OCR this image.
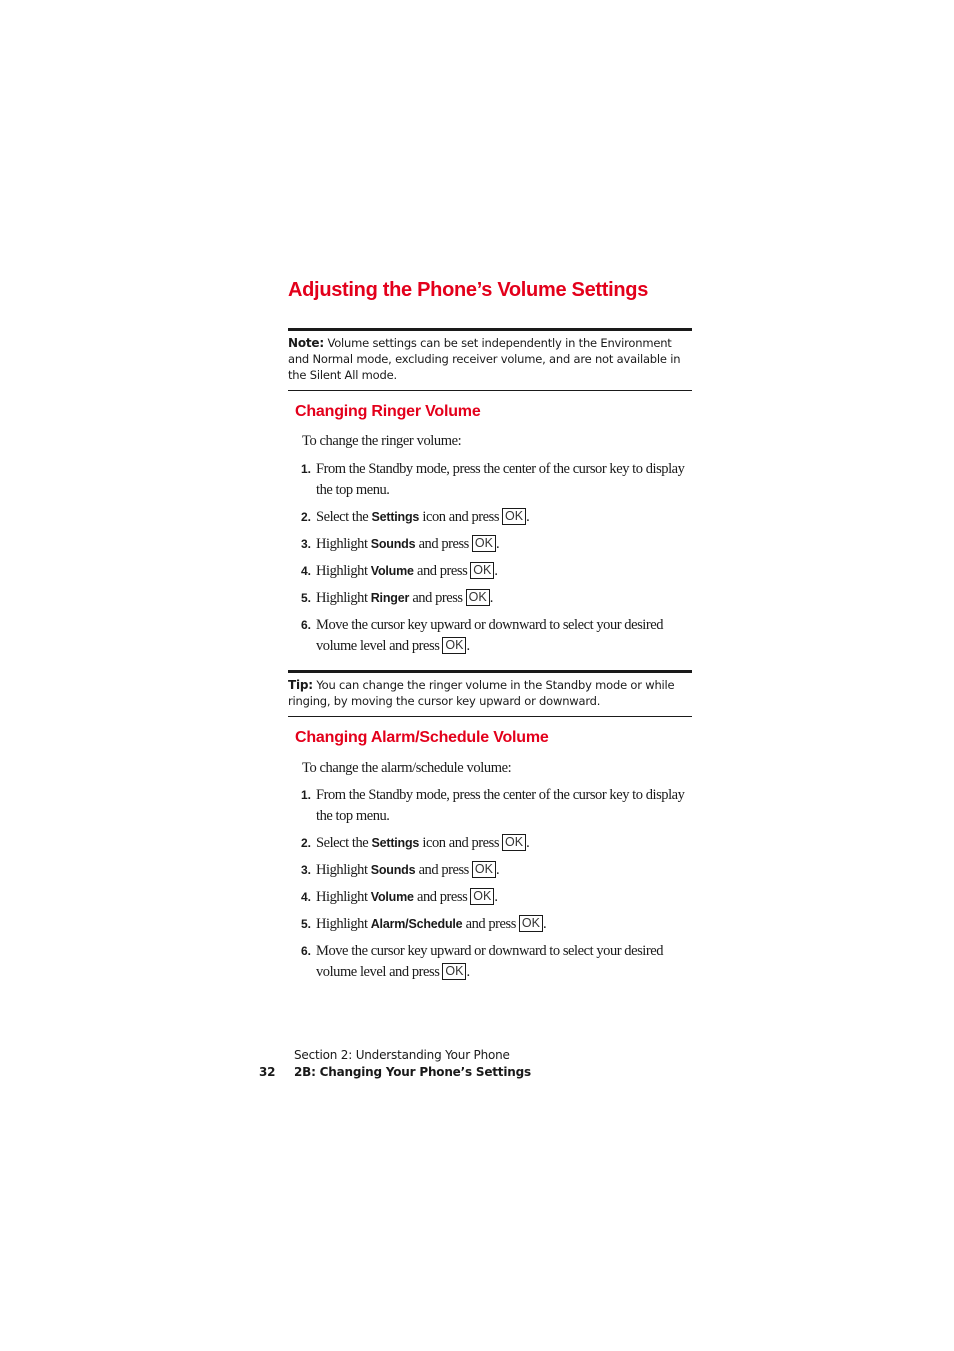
Adjusting the Phone’s Volume Settings
Note: Volume settings can be set independently in the Environment and Normal mode, excluding receiver volume, and are not available in the Silent All mode.
Changing Ringer Volume

To change the ringer volume:

1. From the Standby mode, press the center of the cursor key to display the top menu.
2. Select the Settings icon and press OK .
3. Highlight Sounds and press OK .
4. Highlight Volume and press OK .
5. Highlight Ringer and press OK .
6. Move the cursor key upward or downward to select your desired volume level and press OK .
Tip: You can change the ringer volume in the Standby mode or while ringing, by moving the cursor key upward or downward.
Changing Alarm/Schedule Volume

To change the alarm/schedule volume:

1. From the Standby mode, press the center of the cursor key to display the top menu.
2. Select the Settings icon and press OK .
3. Highlight Sounds and press OK .
4. Highlight Volume and press OK .
5. Highlight Alarm/Schedule and press OK .
6. Move the cursor key upward or downward to select your desired volume level and press OK .
Section 2: Understanding Your Phone
32 2B: Changing Your Phone’s Settings
